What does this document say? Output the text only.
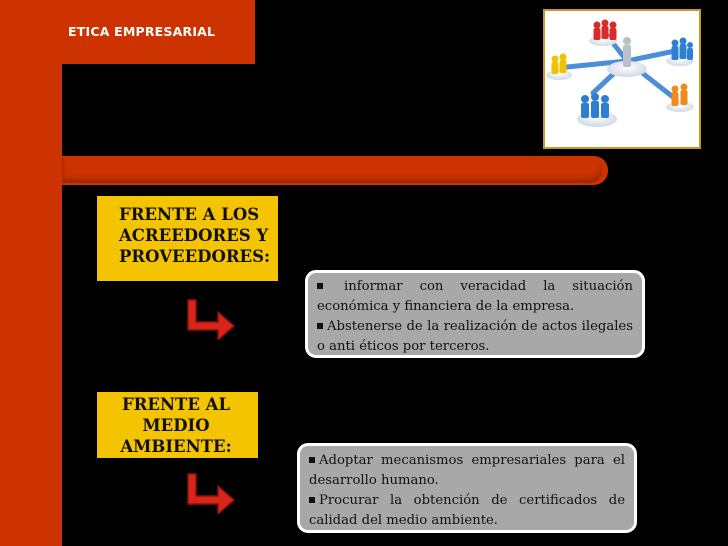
ETICA EMPRESARIAL
FRENTE A LOS
ACREEDORES Y
PROVEEDORES:
informar con veracidad la situación económica y financiera de la empresa.
Abstenerse de la realización de actos ilegales o anti éticos por terceros.
FRENTE AL
MEDIO
AMBIENTE:
Adoptar mecanismos empresariales para el desarrollo humano.
Procurar la obtención de certificados de calidad del medio ambiente.
